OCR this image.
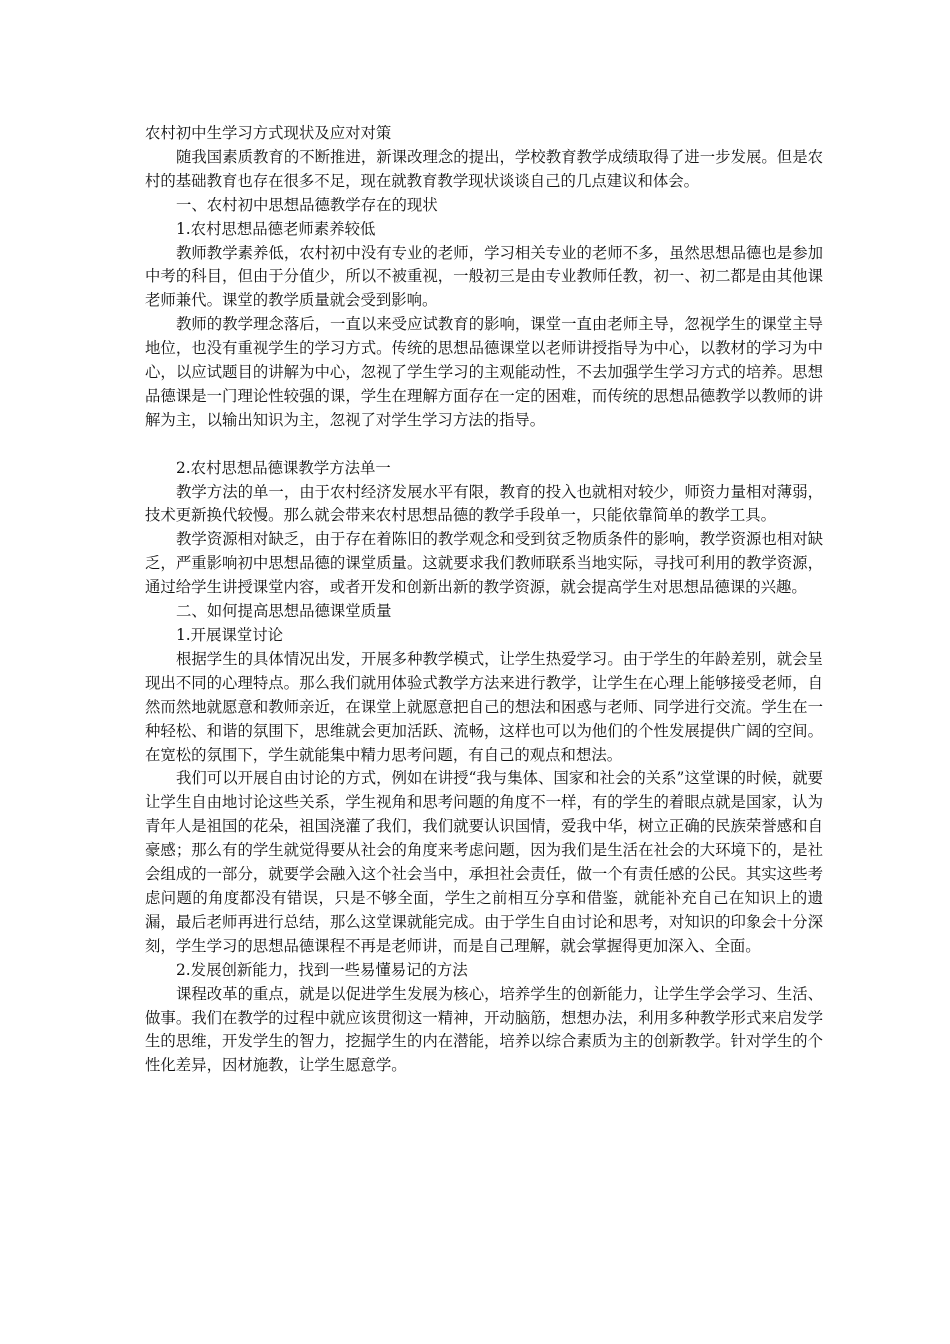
农村初中生学习方式现状及应对对策

随我国素质教育的不断推进，新课改理念的提出，学校教育教学成绩取得了进一步发展。但是农村的基础教育也存在很多不足，现在就教育教学现状谈谈自己的几点建议和体会。

一、农村初中思想品德教学存在的现状

1.农村思想品德老师素养较低

教师教学素养低，农村初中没有专业的老师，学习相关专业的老师不多，虽然思想品德也是参加中考的科目，但由于分值少，所以不被重视，一般初三是由专业教师任教，初一、初二都是由其他课老师兼代。课堂的教学质量就会受到影响。

教师的教学理念落后，一直以来受应试教育的影响，课堂一直由老师主导，忽视学生的课堂主导地位，也没有重视学生的学习方式。传统的思想品德课堂以老师讲授指导为中心，以教材的学习为中心，以应试题目的讲解为中心，忽视了学生学习的主观能动性，不去加强学生学习方式的培养。思想品德课是一门理论性较强的课，学生在理解方面存在一定的困难，而传统的思想品德教学以教师的讲解为主，以输出知识为主，忽视了对学生学习方法的指导。

2.农村思想品德课教学方法单一

教学方法的单一，由于农村经济发展水平有限，教育的投入也就相对较少，师资力量相对薄弱，技术更新换代较慢。那么就会带来农村思想品德的教学手段单一，只能依靠简单的教学工具。

教学资源相对缺乏，由于存在着陈旧的教学观念和受到贫乏物质条件的影响，教学资源也相对缺乏，严重影响初中思想品德的课堂质量。这就要求我们教师联系当地实际，寻找可利用的教学资源，通过给学生讲授课堂内容，或者开发和创新出新的教学资源，就会提高学生对思想品德课的兴趣。

二、如何提高思想品德课堂质量

1.开展课堂讨论

根据学生的具体情况出发，开展多种教学模式，让学生热爱学习。由于学生的年龄差别，就会呈现出不同的心理特点。那么我们就用体验式教学方法来进行教学，让学生在心理上能够接受老师，自然而然地就愿意和教师亲近，在课堂上就愿意把自己的想法和困惑与老师、同学进行交流。学生在一种轻松、和谐的氛围下，思维就会更加活跃、流畅，这样也可以为他们的个性发展提供广阔的空间。在宽松的氛围下，学生就能集中精力思考问题，有自己的观点和想法。

我们可以开展自由讨论的方式，例如在讲授“我与集体、国家和社会的关系”这堂课的时候，就要让学生自由地讨论这些关系，学生视角和思考问题的角度不一样，有的学生的着眼点就是国家，认为青年人是祖国的花朵，祖国浇灌了我们，我们就要认识国情，爱我中华，树立正确的民族荣誉感和自豪感；那么有的学生就觉得要从社会的角度来考虑问题，因为我们是生活在社会的大环境下的，是社会组成的一部分，就要学会融入这个社会当中，承担社会责任，做一个有责任感的公民。其实这些考虑问题的角度都没有错误，只是不够全面，学生之前相互分享和借鉴，就能补充自己在知识上的遗漏，最后老师再进行总结，那么这堂课就能完成。由于学生自由讨论和思考，对知识的印象会十分深刻，学生学习的思想品德课程不再是老师讲，而是自己理解，就会掌握得更加深入、全面。

2.发展创新能力，找到一些易懂易记的方法

课程改革的重点，就是以促进学生发展为核心，培养学生的创新能力，让学生学会学习、生活、做事。我们在教学的过程中就应该贯彻这一精神，开动脑筋，想想办法，利用多种教学形式来启发学生的思维，开发学生的智力，挖掘学生的内在潜能，培养以综合素质为主的创新教学。针对学生的个性化差异，因材施教，让学生愿意学。
